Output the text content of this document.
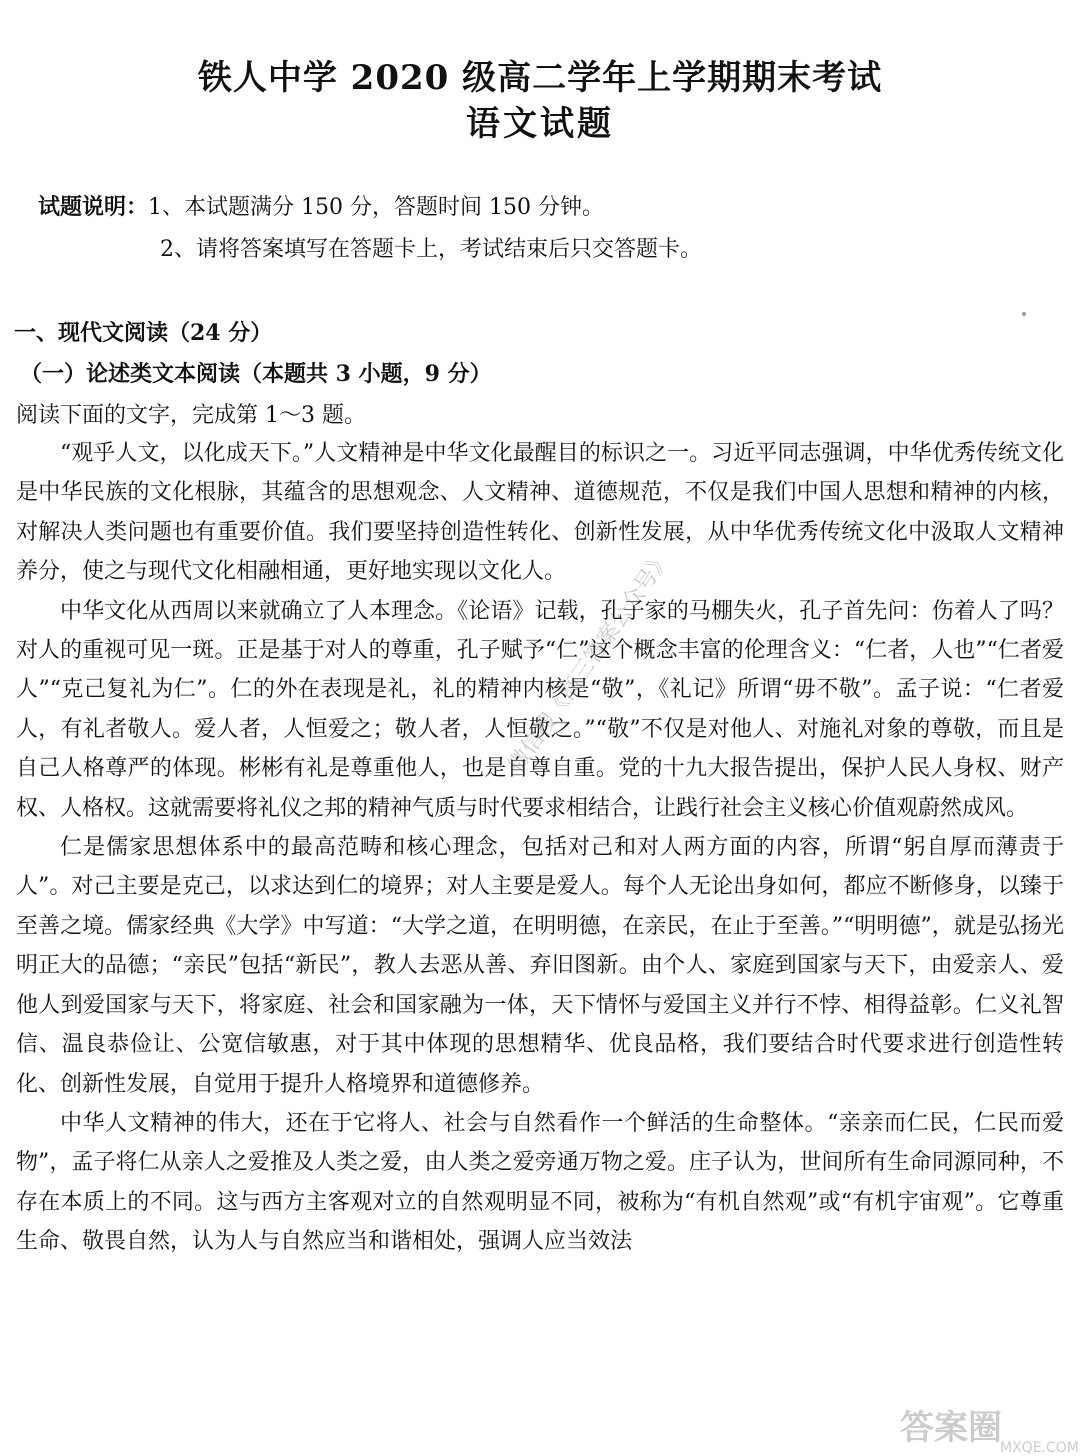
铁人中学 2020 级高二学年上学期期末考试
语文试题
试题说明：1、本试题满分 150 分，答题时间 150 分钟。
2、请将答案填写在答题卡上，考试结束后只交答题卡。
一、现代文阅读（24 分）
（一）论述类文本阅读（本题共 3 小题，9 分）
阅读下面的文字，完成第 1～3 题。

“观乎人文，以化成天下。”人文精神是中华文化最醒目的标识之一。习近平同志强调，中华优秀传统文化是中华民族的文化根脉，其蕴含的思想观念、人文精神、道德规范，不仅是我们中国人思想和精神的内核，对解决人类问题也有重要价值。我们要坚持创造性转化、创新性发展，从中华优秀传统文化中汲取人文精神养分，使之与现代文化相融相通，更好地实现以文化人。

中华文化从西周以来就确立了人本理念。《论语》记载，孔子家的马棚失火，孔子首先问：伤着人了吗？对人的重视可见一斑。正是基于对人的尊重，孔子赋予“仁”这个概念丰富的伦理含义：“仁者，人也”“仁者爱人”“克己复礼为仁”。仁的外在表现是礼，礼的精神内核是“敬”，《礼记》所谓“毋不敬”。孟子说：“仁者爱人，有礼者敬人。爱人者，人恒爱之；敬人者，人恒敬之。”“敬”不仅是对他人、对施礼对象的尊敬，而且是自己人格尊严的体现。彬彬有礼是尊重他人，也是自尊自重。党的十九大报告提出，保护人民人身权、财产权、人格权。这就需要将礼仪之邦的精神气质与时代要求相结合，让践行社会主义核心价值观蔚然成风。

仁是儒家思想体系中的最高范畴和核心理念，包括对己和对人两方面的内容，所谓“躬自厚而薄责于人”。对己主要是克己，以求达到仁的境界；对人主要是爱人。每个人无论出身如何，都应不断修身，以臻于至善之境。儒家经典《大学》中写道：“大学之道，在明明德，在亲民，在止于至善。”“明明德”，就是弘扬光明正大的品德；“亲民”包括“新民”，教人去恶从善、弃旧图新。由个人、家庭到国家与天下，由爱亲人、爱他人到爱国家与天下，将家庭、社会和国家融为一体，天下情怀与爱国主义并行不悖、相得益彰。仁义礼智信、温良恭俭让、公宽信敏惠，对于其中体现的思想精华、优良品格，我们要结合时代要求进行创造性转化、创新性发展，自觉用于提升人格境界和道德修养。

中华人文精神的伟大，还在于它将人、社会与自然看作一个鲜活的生命整体。“亲亲而仁民，仁民而爱物”，孟子将仁从亲人之爱推及人类之爱，由人类之爱旁通万物之爱。庄子认为，世间所有生命同源同种，不存在本质上的不同。这与西方主客观对立的自然观明显不同，被称为“有机自然观”或“有机宇宙观”。它尊重生命、敬畏自然，认为人与自然应当和谐相处，强调人应当效法

微信搜《高三答案公众号》
答案圈
MXQE.COM
